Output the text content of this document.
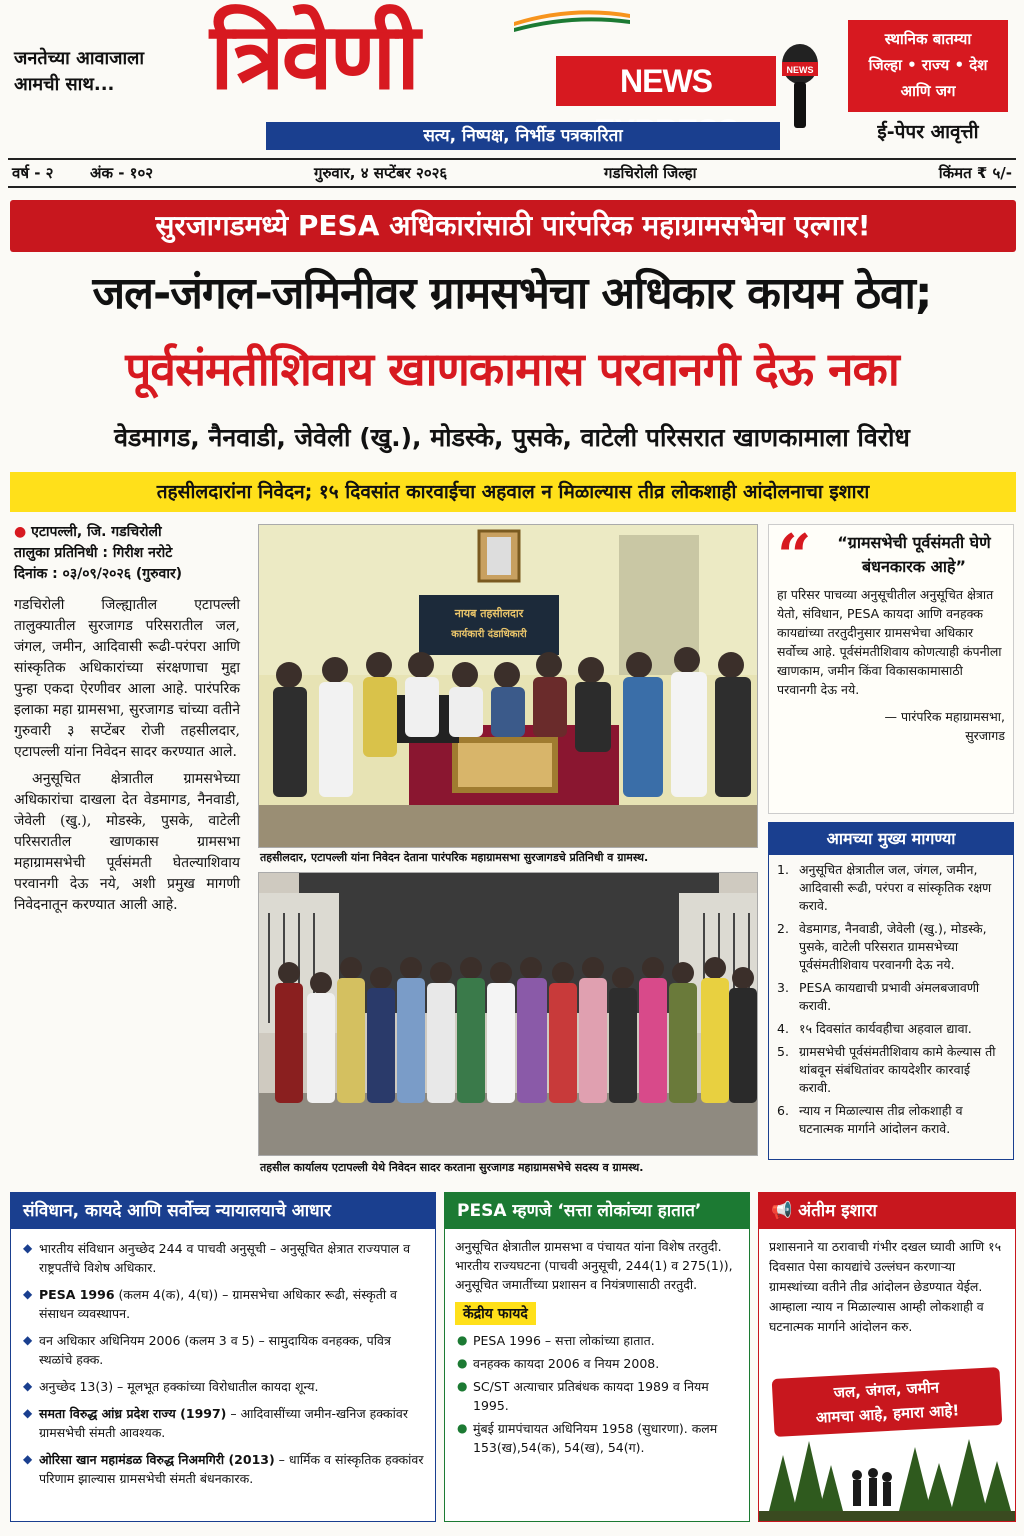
जनतेच्या आवाजाला
आमची साथ...	त्रिवेणी	NEWS	NEWS
सत्य, निष्पक्ष, निर्भीड पत्रकारिता
स्थानिक बातम्या
जिल्हा • राज्य • देश
आणि जग
ई-पेपर आवृत्ती
वर्ष - २ अंक - १०२	गुरुवार, ४ सप्टेंबर २०२६	गडचिरोली जिल्हा	किंमत ₹ ५/-
सुरजागडमध्ये PESA अधिकारांसाठी पारंपरिक महाग्रामसभेचा एल्गार!
जल-जंगल-जमिनीवर ग्रामसभेचा अधिकार कायम ठेवा;
पूर्वसंमतीशिवाय खाणकामास परवानगी देऊ नका
वेडमागड, नैनवाडी, जेवेली (खु.), मोडस्के, पुसके, वाटेली परिसरात खाणकामाला विरोध
तहसीलदारांना निवेदन; १५ दिवसांत कारवाईचा अहवाल न मिळाल्यास तीव्र लोकशाही आंदोलनाचा इशारा
● एटापल्ली, जि. गडचिरोली
तालुका प्रतिनिधी : गिरीश नरोटे
दिनांक : ०३/०९/२०२६ (गुरुवार)

गडचिरोली जिल्ह्यातील एटापल्ली तालुक्यातील सुरजागड परिसरातील जल, जंगल, जमीन, आदिवासी रूढी-परंपरा आणि सांस्कृतिक अधिकारांच्या संरक्षणाचा मुद्दा पुन्हा एकदा ऐरणीवर आला आहे. पारंपरिक इलाका महा ग्रामसभा, सुरजागड चांच्या वतीने गुरुवारी ३ सप्टेंबर रोजी तहसीलदार, एटापल्ली यांना निवेदन सादर करण्यात आले.

अनुसूचित क्षेत्रातील ग्रामसभेच्या अधिकारांचा दाखला देत वेडमागड, नैनवाडी, जेवेली (खु.), मोडस्के, पुसके, वाटेली परिसरातील खाणकास ग्रामसभा महाग्रामसभेची पूर्वसंमती घेतल्याशिवाय परवानगी देऊ नये, अशी प्रमुख मागणी निवेदनातून करण्यात आली आहे.

नायब तहसीलदार
कार्यकारी दंडाधिकारी
तहसीलदार, एटापल्ली यांना निवेदन देताना पारंपरिक महाग्रामसभा सुरजागडचे प्रतिनिधी व ग्रामस्थ.
तहसील कार्यालय एटापल्ली येथे निवेदन सादर करताना सुरजागड महाग्रामसभेचे सदस्य व ग्रामस्थ.
“	“ग्रामसभेची पूर्वसंमती घेणे बंधनकारक आहे”
हा परिसर पाचव्या अनुसूचीतील अनुसूचित क्षेत्रात येतो, संविधान, PESA कायदा आणि वनहक्क कायद्यांच्या तरतुदीनुसार ग्रामसभेचा अधिकार सर्वोच्च आहे. पूर्वसंमतीशिवाय कोणत्याही कंपनीला खाणकाम, जमीन किंवा विकासकामासाठी परवानगी देऊ नये.
— पारंपरिक महाग्रामसभा,
सुरजागड
आमच्या मुख्य मागण्या
1. अनुसूचित क्षेत्रातील जल, जंगल, जमीन, आदिवासी रूढी, परंपरा व सांस्कृतिक रक्षण करावे.
2. वेडमागड, नैनवाडी, जेवेली (खु.), मोडस्के, पुसके, वाटेली परिसरात ग्रामसभेच्या पूर्वसंमतीशिवाय परवानगी देऊ नये.
3. PESA कायद्याची प्रभावी अंमलबजावणी करावी.
4. १५ दिवसांत कार्यवहीचा अहवाल द्यावा.
5. ग्रामसभेची पूर्वसंमतीशिवाय कामे केल्यास ती थांबवून संबंधितांवर कायदेशीर कारवाई करावी.
6. न्याय न मिळाल्यास तीव्र लोकशाही व घटनात्मक मार्गाने आंदोलन करावे.
संविधान, कायदे आणि सर्वोच्च न्यायालयाचे आधार
◆ भारतीय संविधान अनुच्छेद 244 व पाचवी अनुसूची – अनुसूचित क्षेत्रात राज्यपाल व राष्ट्रपतींचे विशेष अधिकार.
◆ PESA 1996 (कलम 4(क), 4(घ)) – ग्रामसभेचा अधिकार रूढी, संस्कृती व संसाधन व्यवस्थापन.
◆ वन अधिकार अधिनियम 2006 (कलम 3 व 5) – सामुदायिक वनहक्क, पवित्र स्थळांचे हक्क.
◆ अनुच्छेद 13(3) – मूलभूत हक्कांच्या विरोधातील कायदा शून्य.
◆ समता विरुद्ध आंध्र प्रदेश राज्य (1997) – आदिवासींच्या जमीन-खनिज हक्कांवर ग्रामसभेची संमती आवश्यक.
◆ ओरिसा खान महामंडळ विरुद्ध निअमगिरी (2013) – धार्मिक व सांस्कृतिक हक्कांवर परिणाम झाल्यास ग्रामसभेची संमती बंधनकारक.
PESA म्हणजे ‘सत्ता लोकांच्या हातात’
अनुसूचित क्षेत्रातील ग्रामसभा व पंचायत यांना विशेष तरतुदी. भारतीय राज्यघटना (पाचवी अनुसूची, 244(1) व 275(1)), अनुसूचित जमातींच्या प्रशासन व नियंत्रणासाठी तरतुदी.
केंद्रीय फायदे
● PESA 1996 – सत्ता लोकांच्या हातात.
● वनहक्क कायदा 2006 व नियम 2008.
● SC/ST अत्याचार प्रतिबंधक कायदा 1989 व नियम 1995.
● मुंबई ग्रामपंचायत अधिनियम 1958 (सुधारणा). कलम 153(ख),54(क), 54(ख), 54(ग).
📢 अंतीम इशारा
प्रशासनाने या ठरावाची गंभीर दखल घ्यावी आणि १५ दिवसात पेसा कायद्यांचे उल्लंघन करणाऱ्या ग्रामस्थांच्या वतीने तीव्र आंदोलन छेडण्यात येईल. आम्हाला न्याय न मिळाल्यास आम्ही लोकशाही व घटनात्मक मार्गाने आंदोलन करु.
जल, जंगल, जमीन
आमचा आहे, हमारा आहे!
